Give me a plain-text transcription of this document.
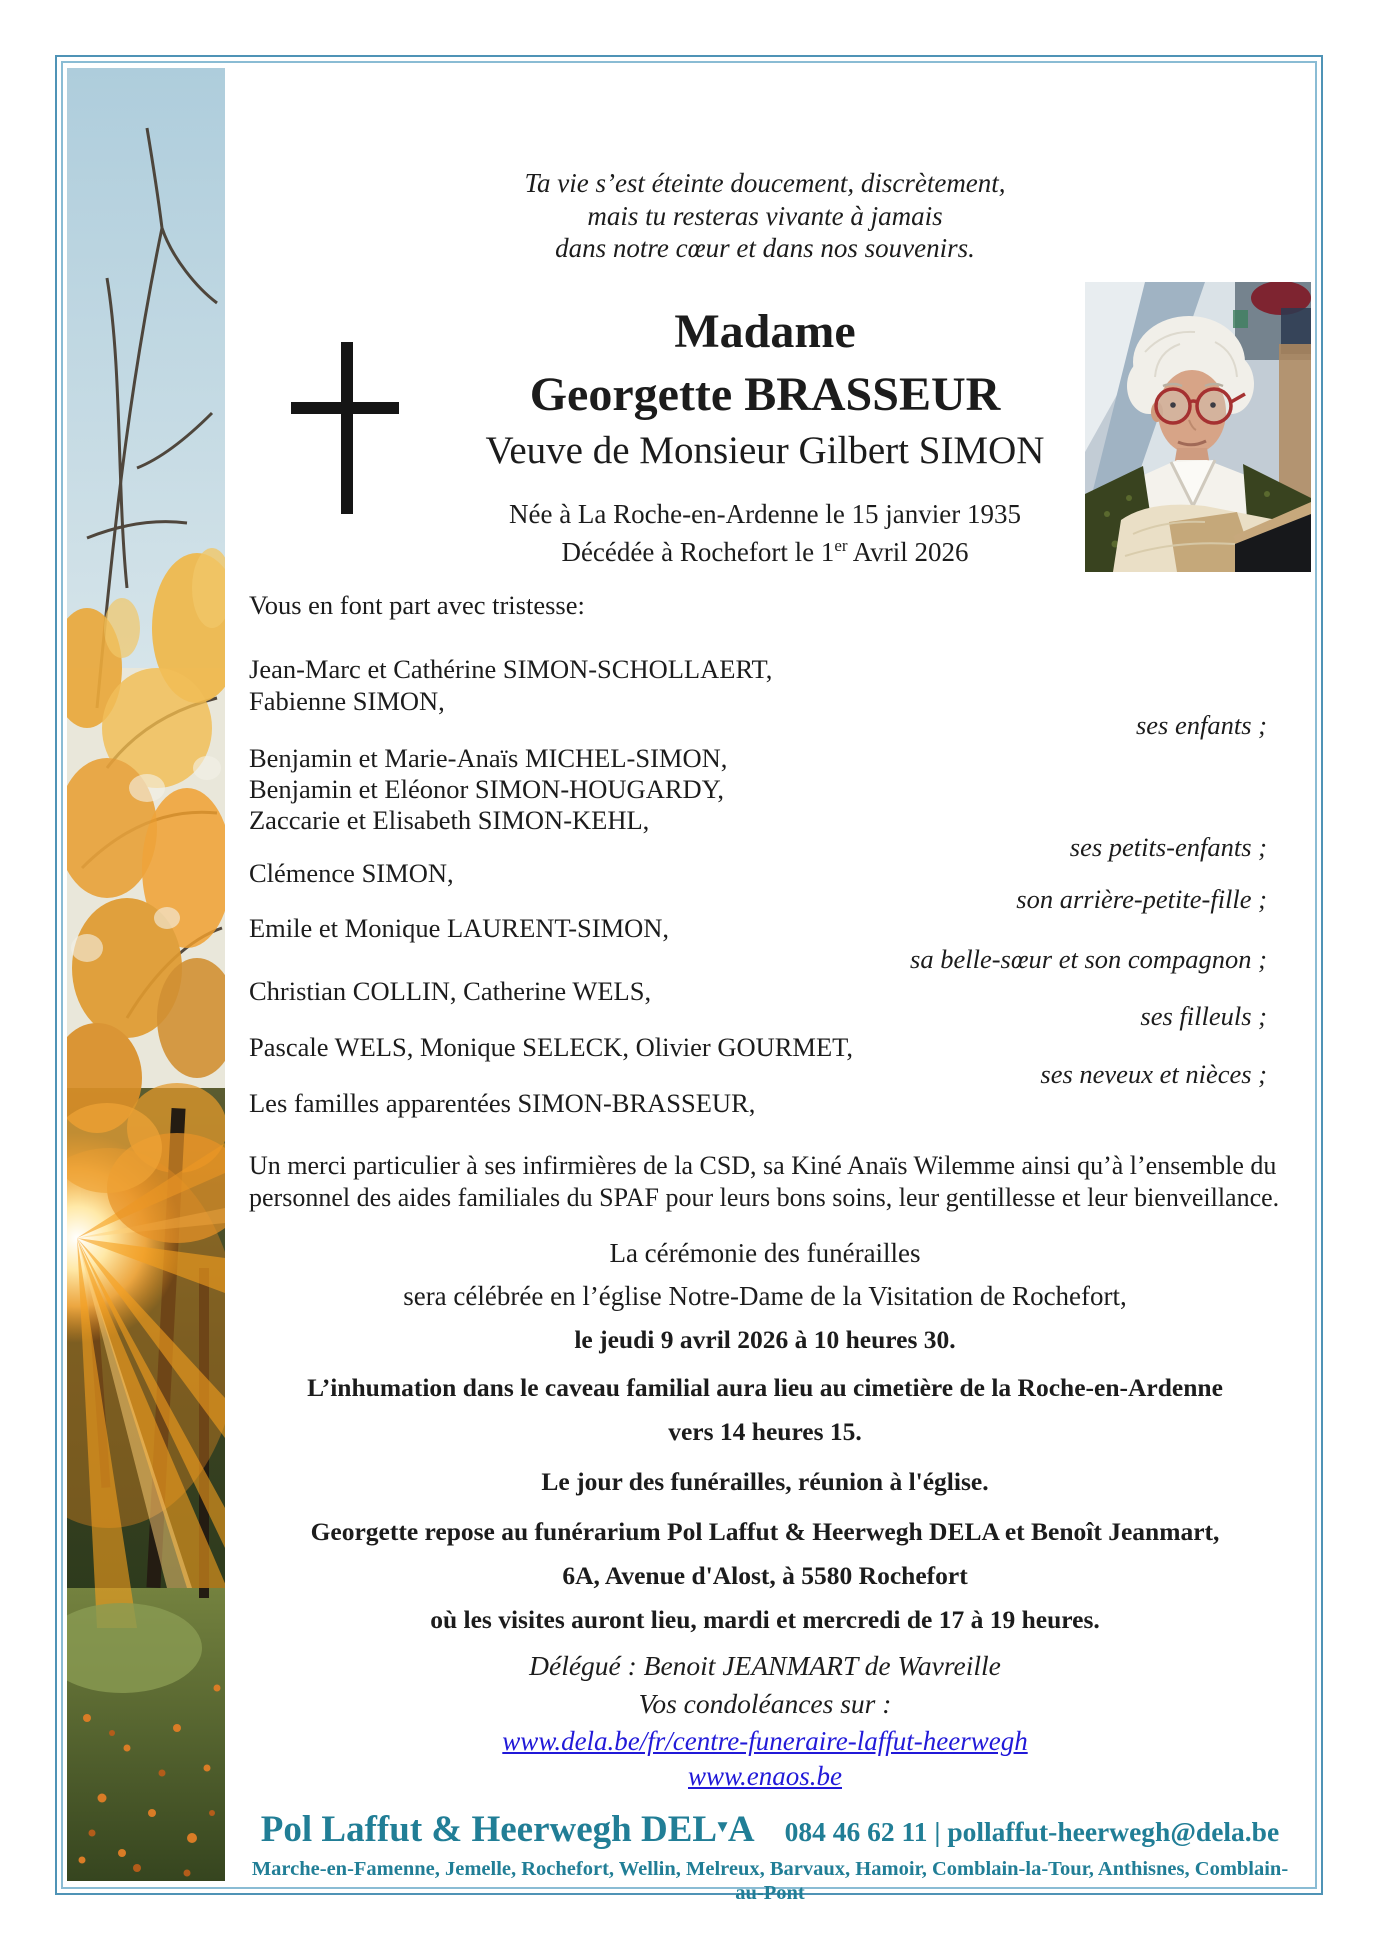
Ta vie s’est éteinte doucement, discrètement,
mais tu resteras vivante à jamais
dans notre cœur et dans nos souvenirs.
Madame
Georgette BRASSEUR
Veuve de Monsieur Gilbert SIMON
Née à La Roche-en-Ardenne le 15 janvier 1935
Décédée à Rochefort le 1er Avril 2026
Vous en font part avec tristesse:
Jean-Marc et Cathérine SIMON-SCHOLLAERT,
Fabienne SIMON,
ses enfants ;
Benjamin et Marie-Anaïs MICHEL-SIMON,
Benjamin et Eléonor SIMON-HOUGARDY,
Zaccarie et Elisabeth SIMON-KEHL,
ses petits-enfants ;
Clémence SIMON,
son arrière-petite-fille ;
Emile et Monique LAURENT-SIMON,
sa belle-sœur et son compagnon ;
Christian COLLIN, Catherine WELS,
ses filleuls ;
Pascale WELS, Monique SELECK, Olivier GOURMET,
ses neveux et nièces ;
Les familles apparentées SIMON-BRASSEUR,
Un merci particulier à ses infirmières de la CSD, sa Kiné Anaïs Wilemme ainsi qu’à l’ensemble du
personnel des aides familiales du SPAF pour leurs bons soins, leur gentillesse et leur bienveillance.
La cérémonie des funérailles
sera célébrée en l’église Notre-Dame de la Visitation de Rochefort,
le jeudi 9 avril 2026 à 10 heures 30.
L’inhumation dans le caveau familial aura lieu au cimetière de la Roche-en-Ardenne
vers 14 heures 15.
Le jour des funérailles, réunion à l'église.
Georgette repose au funérarium Pol Laffut & Heerwegh DELA et Benoît Jeanmart,
6A, Avenue d'Alost, à 5580 Rochefort
où les visites auront lieu, mardi et mercredi de 17 à 19 heures.
Délégué : Benoit JEANMART de Wavreille
Vos condoléances sur :
www.dela.be/fr/centre-funeraire-laffut-heerwegh
www.enaos.be
Pol Laffut & Heerwegh DEL▼A 084 46 62 11 | pollaffut-heerwegh@dela.be
Marche-en-Famenne, Jemelle, Rochefort, Wellin, Melreux, Barvaux, Hamoir, Comblain-la-Tour, Anthisnes, Comblain-au-Pont
